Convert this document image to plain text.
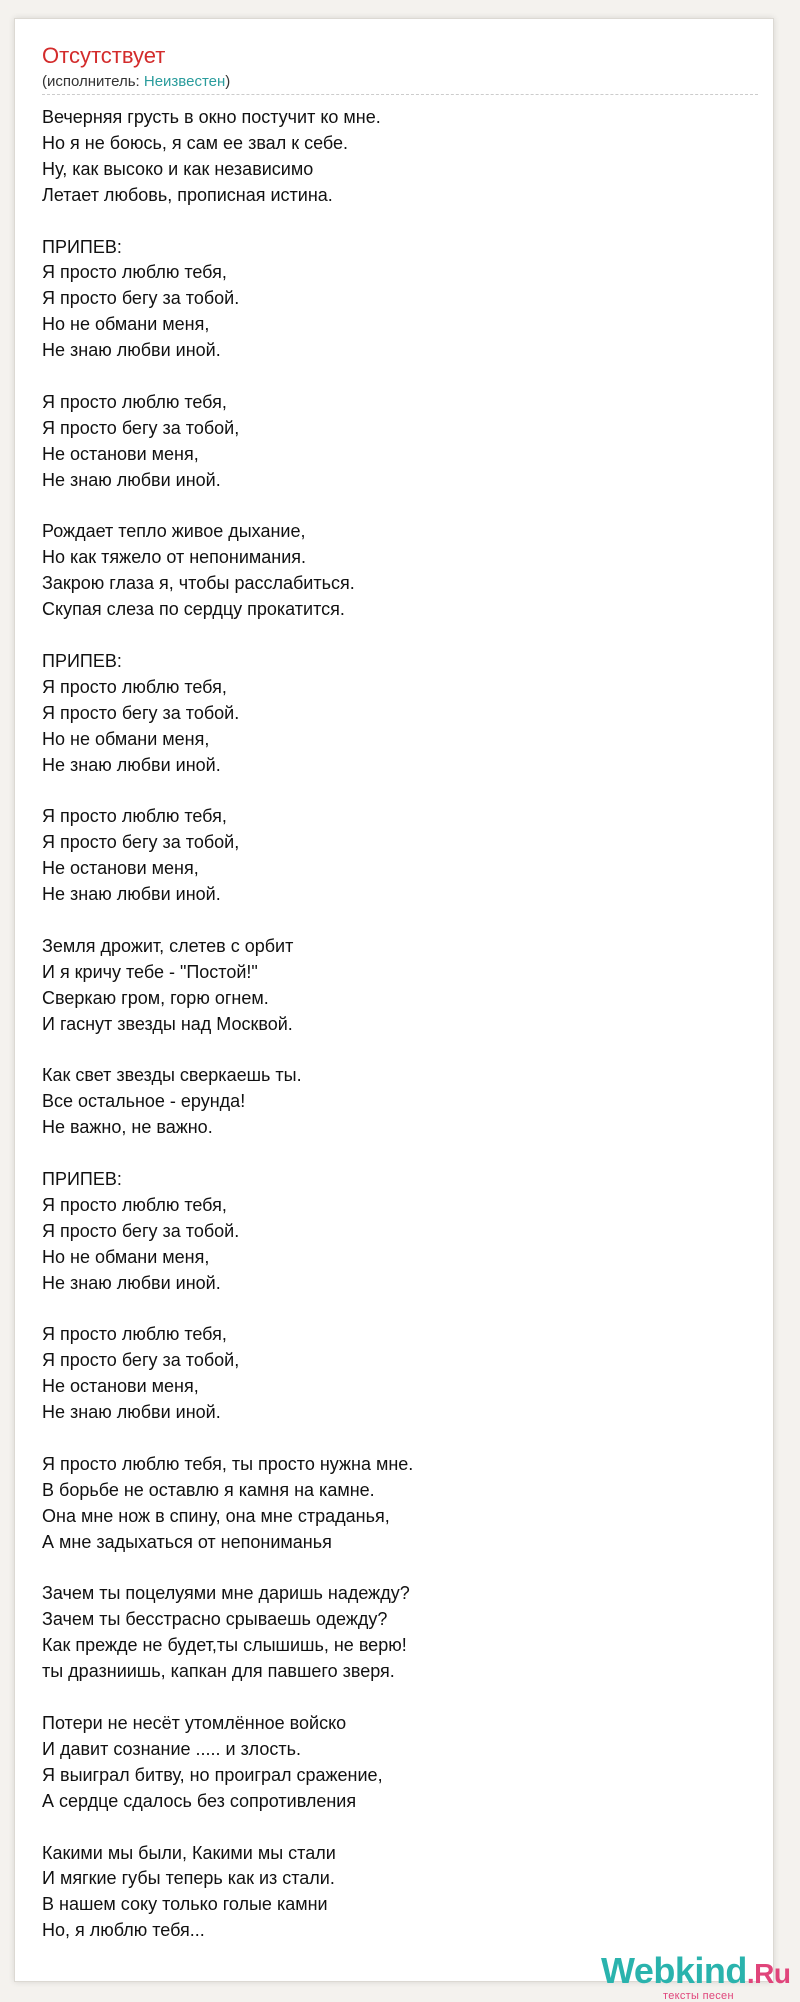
Отсутствует
(исполнитель: Неизвестен)
Вечерняя грусть в окно постучит ко мне.
Но я не боюсь, я сам ее звал к себе.
Ну, как высоко и как независимо
Летает любовь, прописная истина.
ПРИПЕВ:
Я просто люблю тебя,
Я просто бегу за тобой.
Но не обмани меня,
Не знаю любви иной.
Я просто люблю тебя,
Я просто бегу за тобой,
Не останови меня,
Не знаю любви иной.
Рождает тепло живое дыхание,
Но как тяжело от непонимания.
Закрою глаза я, чтобы расслабиться.
Скупая слеза по сердцу прокатится.
ПРИПЕВ:
Я просто люблю тебя,
Я просто бегу за тобой.
Но не обмани меня,
Не знаю любви иной.
Я просто люблю тебя,
Я просто бегу за тобой,
Не останови меня,
Не знаю любви иной.
Земля дрожит, слетев с орбит
И я кричу тебе - "Постой!"
Сверкаю гром, горю огнем.
И гаснут звезды над Москвой.
Как свет звезды сверкаешь ты.
Все остальное - ерунда!
Не важно, не важно.
ПРИПЕВ:
Я просто люблю тебя,
Я просто бегу за тобой.
Но не обмани меня,
Не знаю любви иной.
Я просто люблю тебя,
Я просто бегу за тобой,
Не останови меня,
Не знаю любви иной.
Я просто люблю тебя, ты просто нужна мне.
В борьбе не оставлю я камня на камне.
Она мне нож в спину, она мне страданья,
А мне задыхаться от непониманья
Зачем ты поцелуями мне даришь надежду?
Зачем ты бесстрасно срываешь одежду?
Как прежде не будет,ты слышишь, не верю!
ты дразниишь, капкан для павшего зверя.
Потери не несёт утомлённое войско
И давит сознание ..... и злость.
Я выиграл битву, но проиграл сражение,
А сердце сдалось без сопротивления
Какими мы были, Какими мы стали
И мягкие губы теперь как из стали.
В нашем соку только голые камни
Но, я люблю тебя...
Webkind.Ru
тексты песен
